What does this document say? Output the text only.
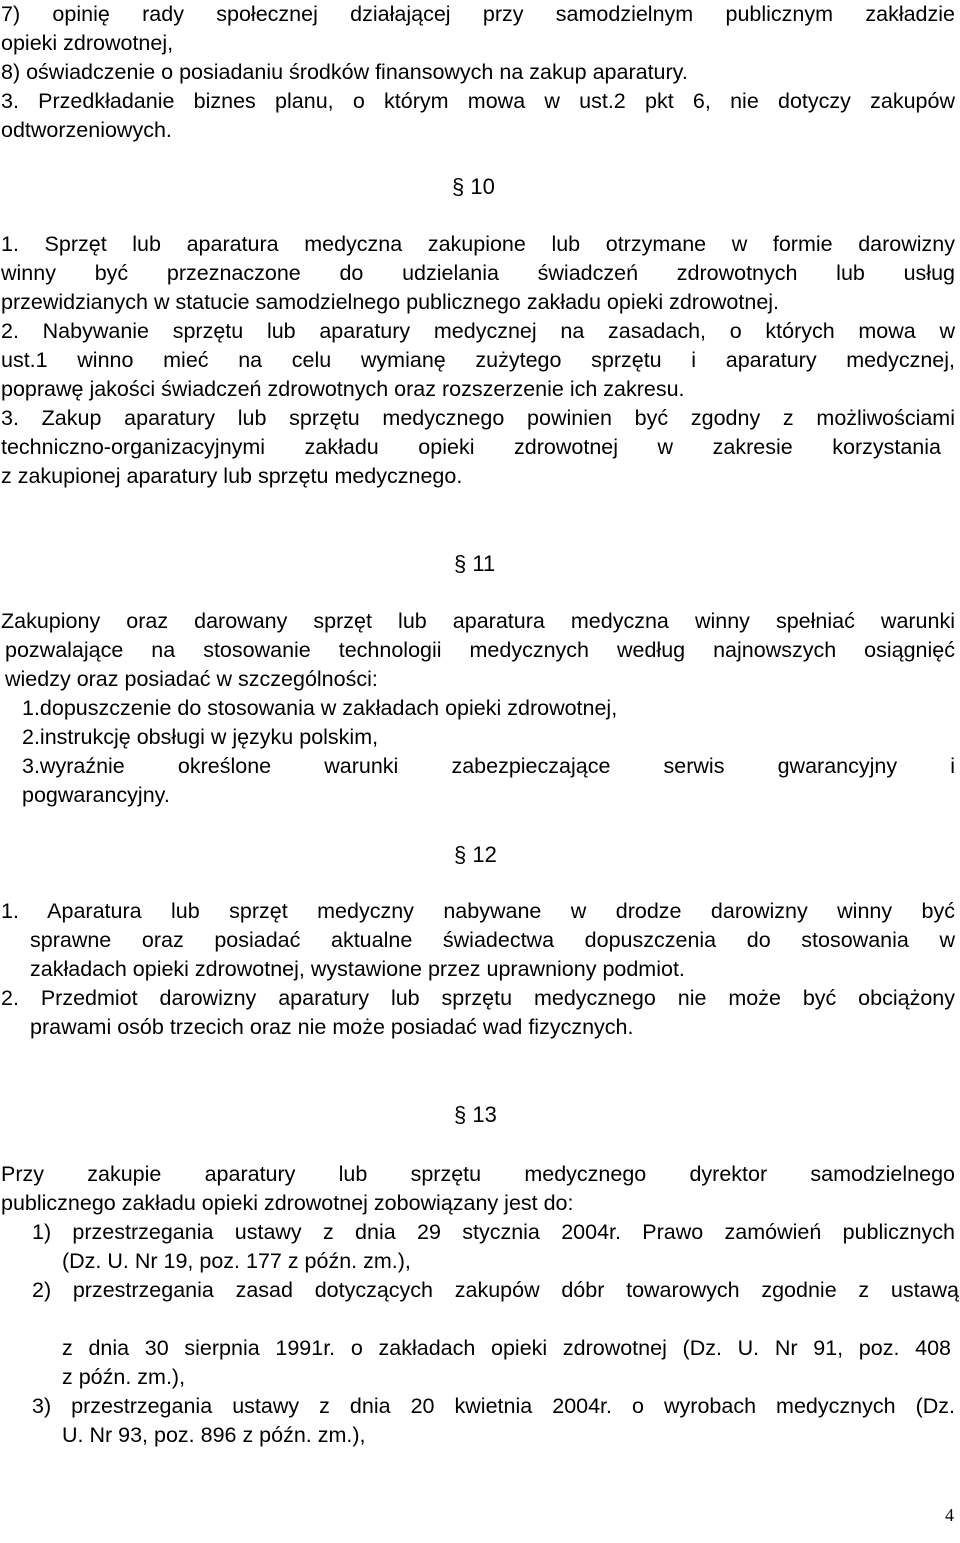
7) opinię rady społecznej działającej przy samodzielnym publicznym zakładzie
opieki zdrowotnej,
8) oświadczenie o posiadaniu środków finansowych na zakup aparatury.
3. Przedkładanie biznes planu, o którym mowa w ust.2 pkt 6, nie dotyczy zakupów
odtworzeniowych.
§ 10
1. Sprzęt lub aparatura medyczna zakupione lub otrzymane w formie darowizny
winny być przeznaczone do udzielania świadczeń zdrowotnych lub usług
przewidzianych w statucie samodzielnego publicznego zakładu opieki zdrowotnej.
2. Nabywanie sprzętu lub aparatury medycznej na zasadach, o których mowa w
ust.1 winno mieć na celu wymianę zużytego sprzętu i aparatury medycznej,
poprawę jakości świadczeń zdrowotnych oraz rozszerzenie ich zakresu.
3. Zakup aparatury lub sprzętu medycznego powinien być zgodny z możliwościami
techniczno-organizacyjnymi zakładu opieki zdrowotnej w zakresie korzystania
z zakupionej aparatury lub sprzętu medycznego.
§ 11
Zakupiony oraz darowany sprzęt lub aparatura medyczna winny spełniać warunki
pozwalające na stosowanie technologii medycznych według najnowszych osiągnięć
wiedzy oraz posiadać w szczególności:
1.dopuszczenie do stosowania w zakładach opieki zdrowotnej,
2.instrukcję obsługi w języku polskim,
3.wyraźnie określone warunki zabezpieczające serwis gwarancyjny i
pogwarancyjny.
§ 12
1. Aparatura lub sprzęt medyczny nabywane w drodze darowizny winny być
sprawne oraz posiadać aktualne świadectwa dopuszczenia do stosowania w
zakładach opieki zdrowotnej, wystawione przez uprawniony podmiot.
2. Przedmiot darowizny aparatury lub sprzętu medycznego nie może być obciążony
prawami osób trzecich oraz nie może posiadać wad fizycznych.
§ 13
Przy zakupie aparatury lub sprzętu medycznego dyrektor samodzielnego
publicznego zakładu opieki zdrowotnej zobowiązany jest do:
1) przestrzegania ustawy z dnia 29 stycznia 2004r. Prawo zamówień publicznych
(Dz. U. Nr 19, poz. 177 z późn. zm.),
2) przestrzegania zasad dotyczących zakupów dóbr towarowych zgodnie z ustawą
z dnia 30 sierpnia 1991r. o zakładach opieki zdrowotnej (Dz. U. Nr 91, poz. 408
z późn. zm.),
3) przestrzegania ustawy z dnia 20 kwietnia 2004r. o wyrobach medycznych (Dz.
U. Nr 93, poz. 896 z późn. zm.),
4
